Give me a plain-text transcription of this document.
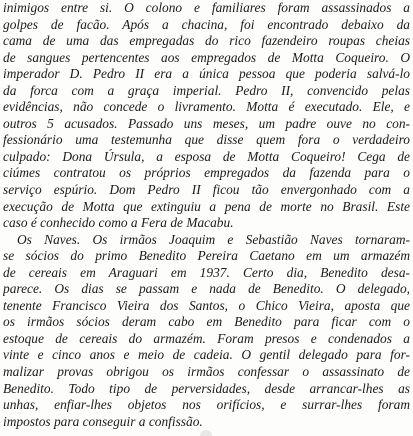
inimigos entre si. O colono e familiares foram assassinados a
golpes de facão. Após a chacina, foi encontrado debaixo da
cama de uma das empregadas do rico fazendeiro roupas cheias
de sangues pertencentes aos empregados de Motta Coqueiro. O
imperador D. Pedro II era a única pessoa que poderia salvá-lo
da forca com a graça imperial. Pedro II, convencido pelas
evidências, não concede o livramento. Motta é executado. Ele, e
outros 5 acusados. Passado uns meses, um padre ouve no con-
fessionário uma testemunha que disse quem fora o verdadeiro
culpado: Dona Úrsula, a esposa de Motta Coqueiro! Cega de
ciúmes contratou os próprios empregados da fazenda para o
serviço espúrio. Dom Pedro II ficou tão envergonhado com a
execução de Motta que extinguiu a pena de morte no Brasil. Este
caso é conhecido como a Fera de Macabu.
Os Naves. Os irmãos Joaquim e Sebastião Naves tornaram-
se sócios do primo Benedito Pereira Caetano em um armazém
de cereais em Araguari em 1937. Certo dia, Benedito desa-
parece. Os dias se passam e nada de Benedito. O delegado,
tenente Francisco Vieira dos Santos, o Chico Vieira, aposta que
os irmãos sócios deram cabo em Benedito para ficar com o
estoque de cereais do armazém. Foram presos e condenados a
vinte e cinco anos e meio de cadeia. O gentil delegado para for-
malizar provas obrigou os irmãos confessar o assassinato de
Benedito. Todo tipo de perversidades, desde arrancar-lhes as
unhas, enfiar-lhes objetos nos orifícios, e surrar-lhes foram
impostos para conseguir a confissão.
